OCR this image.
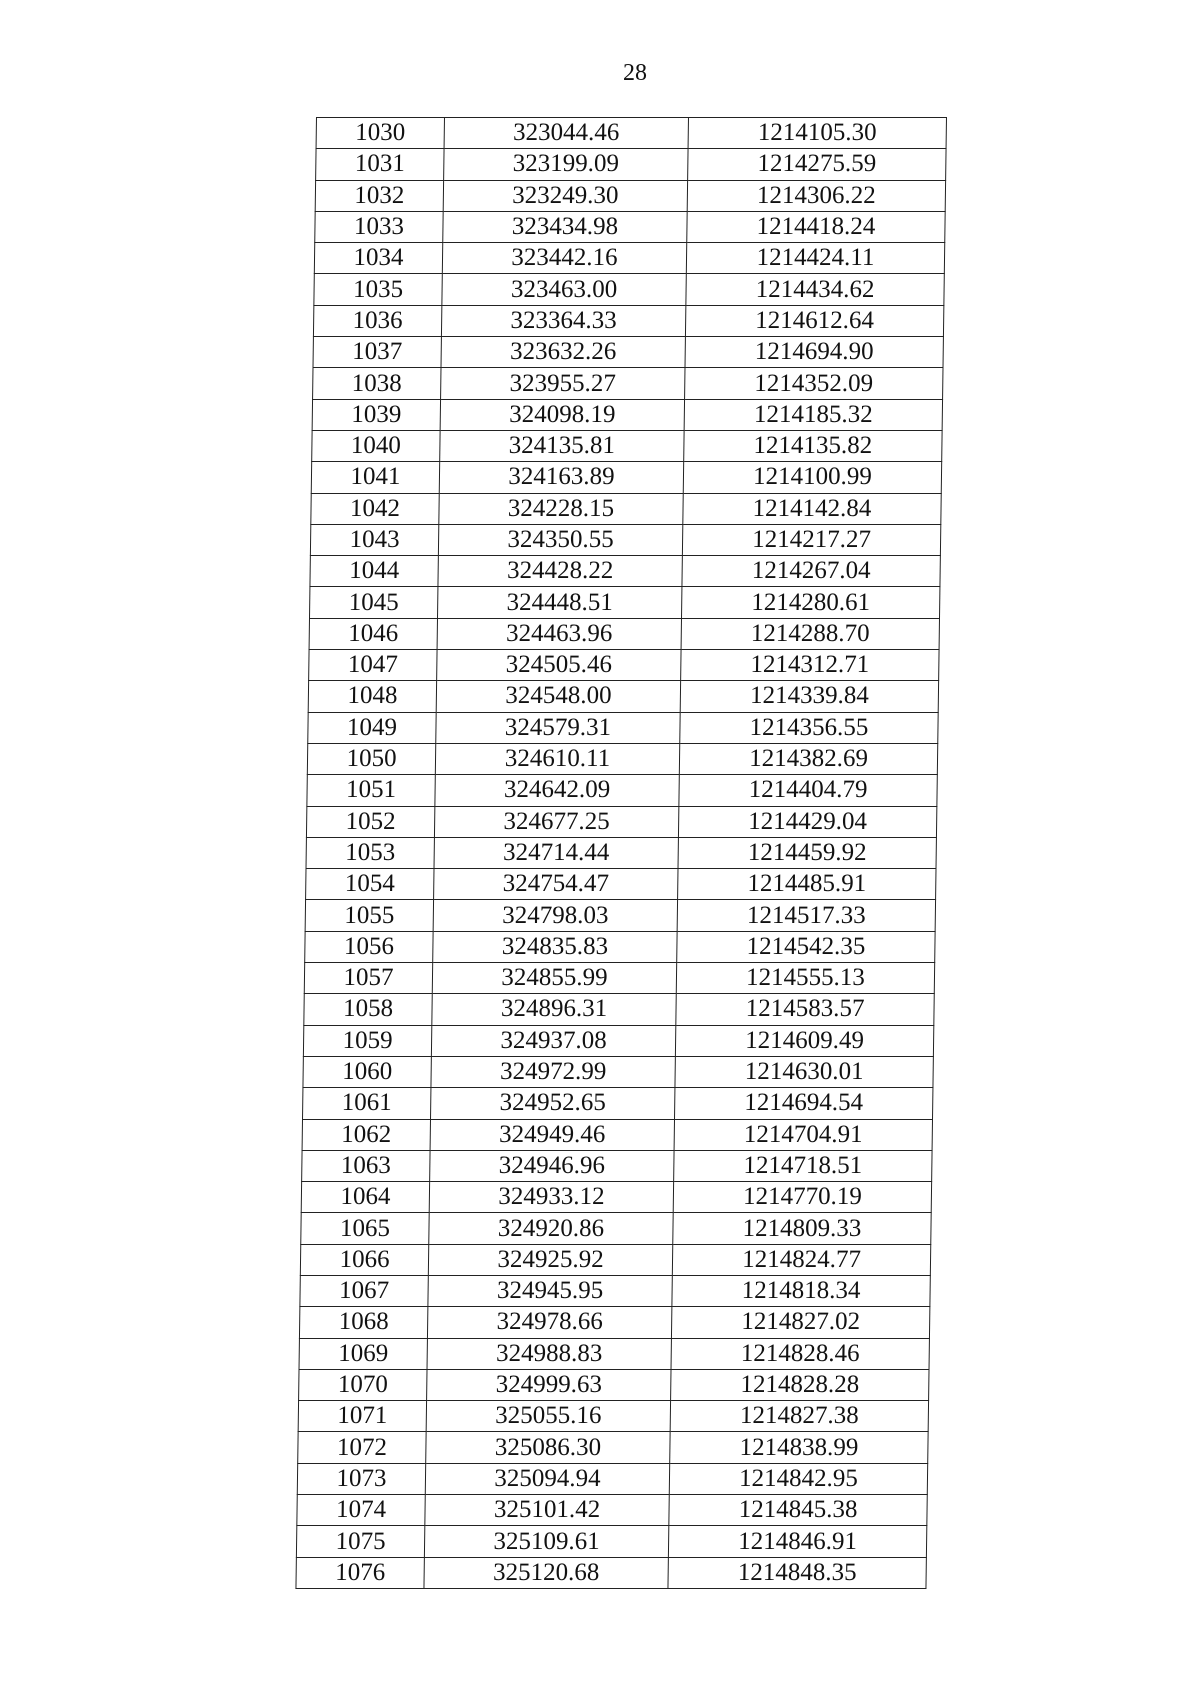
28
1030	323044.46	1214105.30
1031	323199.09	1214275.59
1032	323249.30	1214306.22
1033	323434.98	1214418.24
1034	323442.16	1214424.11
1035	323463.00	1214434.62
1036	323364.33	1214612.64
1037	323632.26	1214694.90
1038	323955.27	1214352.09
1039	324098.19	1214185.32
1040	324135.81	1214135.82
1041	324163.89	1214100.99
1042	324228.15	1214142.84
1043	324350.55	1214217.27
1044	324428.22	1214267.04
1045	324448.51	1214280.61
1046	324463.96	1214288.70
1047	324505.46	1214312.71
1048	324548.00	1214339.84
1049	324579.31	1214356.55
1050	324610.11	1214382.69
1051	324642.09	1214404.79
1052	324677.25	1214429.04
1053	324714.44	1214459.92
1054	324754.47	1214485.91
1055	324798.03	1214517.33
1056	324835.83	1214542.35
1057	324855.99	1214555.13
1058	324896.31	1214583.57
1059	324937.08	1214609.49
1060	324972.99	1214630.01
1061	324952.65	1214694.54
1062	324949.46	1214704.91
1063	324946.96	1214718.51
1064	324933.12	1214770.19
1065	324920.86	1214809.33
1066	324925.92	1214824.77
1067	324945.95	1214818.34
1068	324978.66	1214827.02
1069	324988.83	1214828.46
1070	324999.63	1214828.28
1071	325055.16	1214827.38
1072	325086.30	1214838.99
1073	325094.94	1214842.95
1074	325101.42	1214845.38
1075	325109.61	1214846.91
1076	325120.68	1214848.35
